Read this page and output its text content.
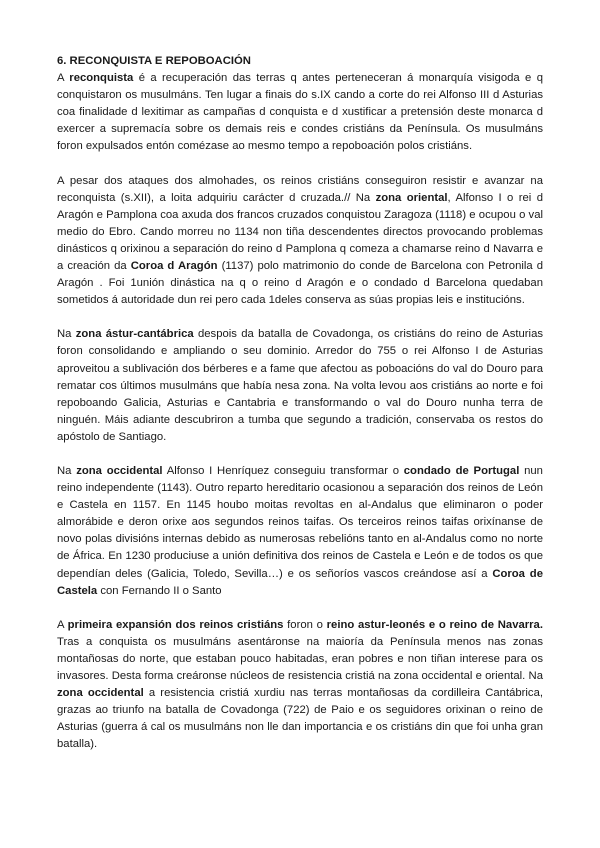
6. RECONQUISTA E REPOBOACIÓN

A reconquista é a recuperación das terras q antes perteneceran á monarquía visigoda e q conquistaron os musulmáns. Ten lugar a finais do s.IX cando a corte do rei Alfonso III d Asturias coa finalidade d lexitimar as campañas d conquista e d xustificar a pretensión deste monarca d exercer a supremacía sobre os demais reis e condes cristiáns da Península. Os musulmáns foron expulsados entón comézase ao mesmo tempo a repoboación polos cristiáns.

A pesar dos ataques dos almohades, os reinos cristiáns conseguiron resistir e avanzar na reconquista (s.XII), a loita adquiriu carácter d cruzada.// Na zona oriental, Alfonso I o rei d Aragón e Pamplona coa axuda dos francos cruzados conquistou Zaragoza (1118) e ocupou o val medio do Ebro. Cando morreu no 1134 non tiña descendentes directos provocando problemas dinásticos q orixinou a separación do reino d Pamplona q comeza a chamarse reino d Navarra e a creación da Coroa d Aragón (1137) polo matrimonio do conde de Barcelona con Petronila d Aragón . Foi 1unión dinástica na q o reino d Aragón e o condado d Barcelona quedaban sometidos á autoridade dun rei pero cada 1deles conserva as súas propias leis e institucións.

Na zona ástur-cantábrica despois da batalla de Covadonga, os cristiáns do reino de Asturias foron consolidando e ampliando o seu dominio. Arredor do 755 o rei Alfonso I de Asturias aproveitou a sublivación dos bérberes e a fame que afectou as poboacións do val do Douro para rematar cos últimos musulmáns que había nesa zona. Na volta levou aos cristiáns ao norte e foi repoboando Galicia, Asturias e Cantabria e transformando o val do Douro nunha terra de ninguén. Máis adiante descubriron a tumba que segundo a tradición, conservaba os restos do apóstolo de Santiago.

Na zona occidental Alfonso I Henríquez conseguiu transformar o condado de Portugal nun reino independente (1143). Outro reparto hereditario ocasionou a separación dos reinos de León e Castela en 1157. En 1145 houbo moitas revoltas en al-Andalus que eliminaron o poder almorábide e deron orixe aos segundos reinos taifas. Os terceiros reinos taifas orixínanse de novo polas divisións internas debido as numerosas rebelións tanto en al-Andalus como no norte de África. En 1230 produciuse a unión definitiva dos reinos de Castela e León e de todos os que dependían deles (Galicia, Toledo, Sevilla…) e os señoríos vascos creándose así a Coroa de Castela con Fernando II o Santo

A primeira expansión dos reinos cristiáns foron o reino astur-leonés e o reino de Navarra. Tras a conquista os musulmáns asentáronse na maioría da Península menos nas zonas montañosas do norte, que estaban pouco habitadas, eran pobres e non tiñan interese para os invasores. Desta forma creáronse núcleos de resistencia cristiá na zona occidental e oriental. Na zona occidental a resistencia cristiá xurdiu nas terras montañosas da cordilleira Cantábrica, grazas ao triunfo na batalla de Covadonga (722) de Paio e os seguidores orixinan o reino de Asturias (guerra á cal os musulmáns non lle dan importancia e os cristiáns din que foi unha gran batalla).
